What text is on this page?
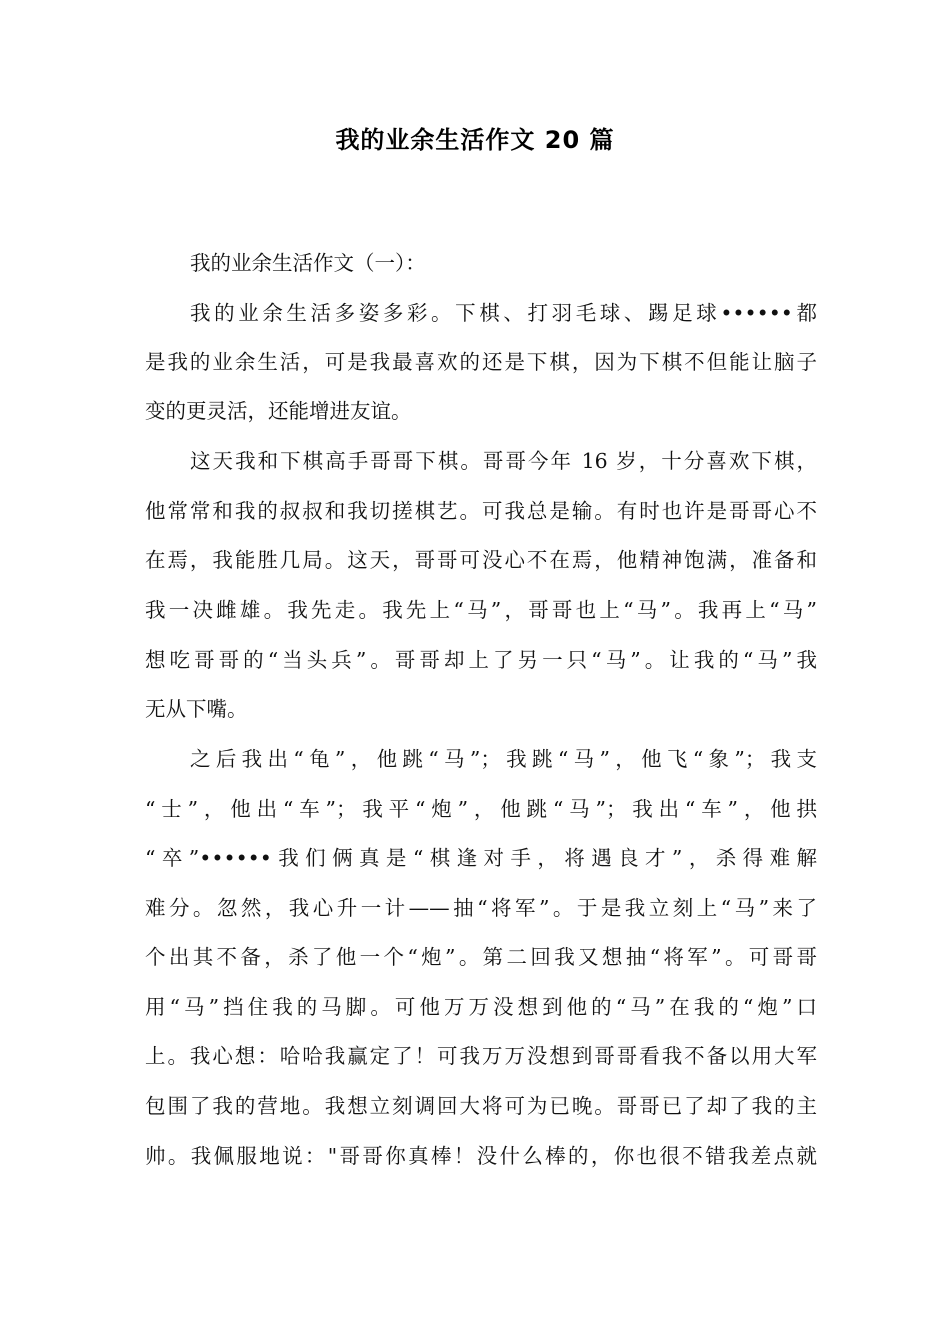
我的业余生活作文 20 篇
我的业余生活作文（一）：
我的业余生活多姿多彩。下棋、打羽毛球、踢足球••••••都
是我的业余生活，可是我最喜欢的还是下棋，因为下棋不但能让脑子
变的更灵活，还能增进友谊。
这天我和下棋高手哥哥下棋。哥哥今年 16 岁，十分喜欢下棋，
他常常和我的叔叔和我切搓棋艺。可我总是输。有时也许是哥哥心不
在焉，我能胜几局。这天，哥哥可没心不在焉，他精神饱满，准备和
我一决雌雄。我先走。我先上“马”，哥哥也上“马”。我再上“马”
想吃哥哥的“当头兵”。哥哥却上了另一只“马”。让我的“马”我
无从下嘴。
之后我出“龟”，他跳“马”；我跳“马”，他飞“象”；我支
“士”，他出“车”；我平“炮”，他跳“马”；我出“车”，他拱
“卒”••••••我们俩真是“棋逢对手，将遇良才”，杀得难解
难分。忽然，我心升一计——抽“将军”。于是我立刻上“马”来了
个出其不备，杀了他一个“炮”。第二回我又想抽“将军”。可哥哥
用“马”挡住我的马脚。可他万万没想到他的“马”在我的“炮”口
上。我心想：哈哈我赢定了！可我万万没想到哥哥看我不备以用大军
包围了我的营地。我想立刻调回大将可为已晚。哥哥已了却了我的主
帅。我佩服地说："哥哥你真棒！没什么棒的，你也很不错我差点就
